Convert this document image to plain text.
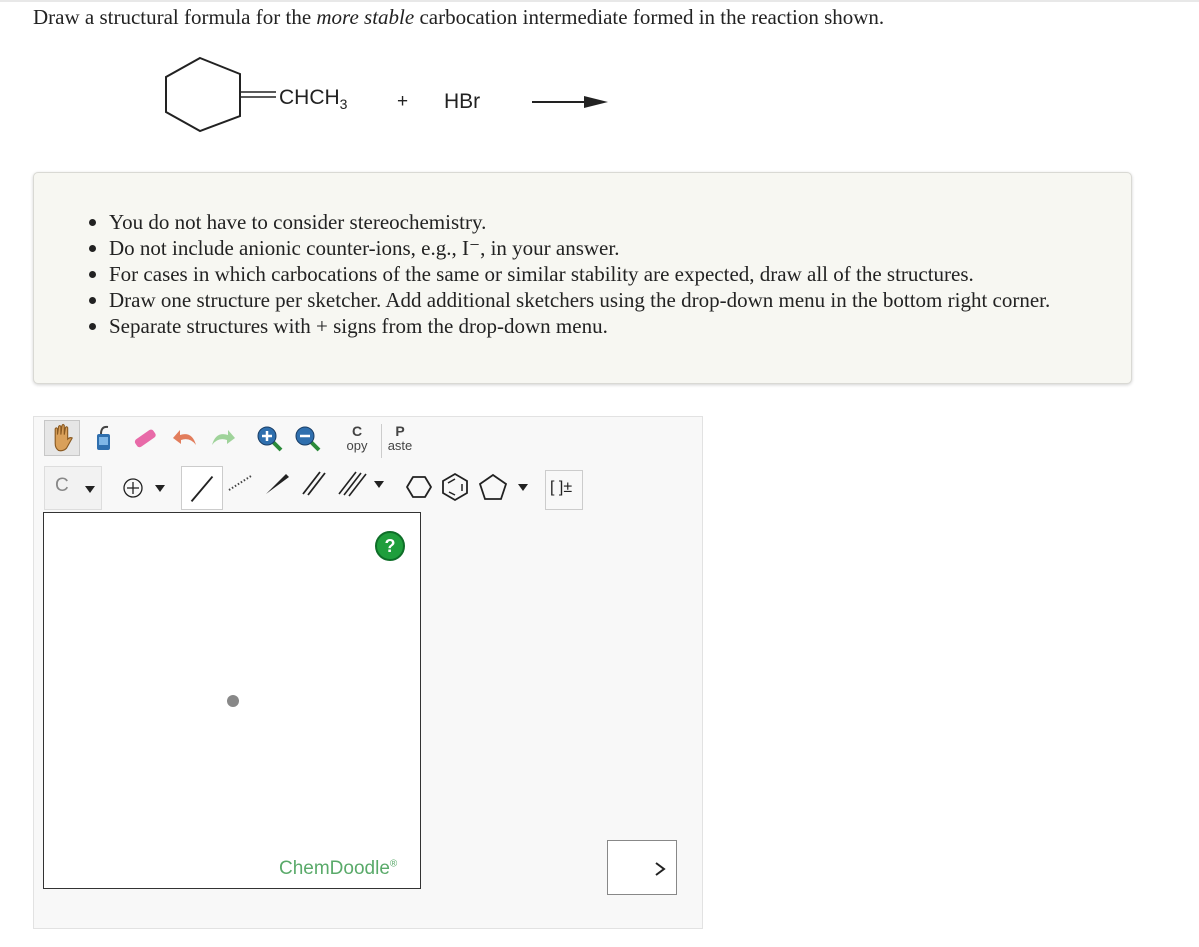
Draw a structural formula for the more stable carbocation intermediate formed in the reaction shown.
$CHCH_3$	+ HBr
You do not have to consider stereochemistry.
Do not include anionic counter-ions, e.g., I⁻, in your answer.
For cases in which carbocations of the same or similar stability are expected, draw all of the structures.
Draw one structure per sketcher. Add additional sketchers using the drop-down menu in the bottom right corner.
Separate structures with + signs from the drop-down menu.
C
opy
P
aste
C	[ ]±
?
ChemDoodle®
